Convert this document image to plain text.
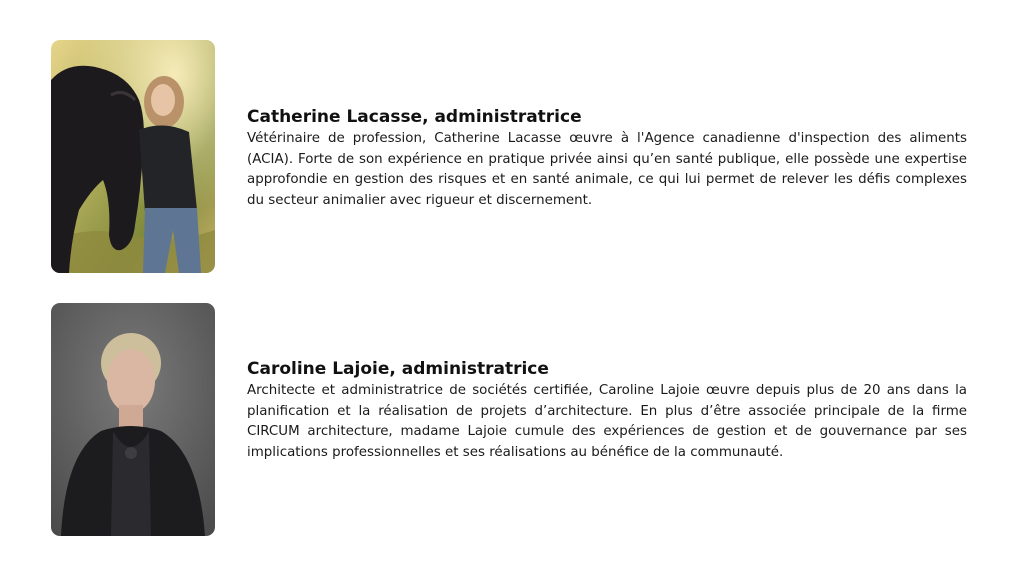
Catherine Lacasse, administratrice

Vétérinaire de profession, Catherine Lacasse œuvre à l'Agence canadienne d'inspection des aliments (ACIA). Forte de son expérience en pratique privée ainsi qu’en santé publique, elle possède une expertise approfondie en gestion des risques et en santé animale, ce qui lui permet de relever les défis complexes du secteur animalier avec rigueur et discernement.

Caroline Lajoie, administratrice

Architecte et administratrice de sociétés certifiée, Caroline Lajoie œuvre depuis plus de 20 ans dans la planification et la réalisation de projets d’architecture. En plus d’être associée principale de la firme CIRCUM architecture, madame Lajoie cumule des expériences de gestion et de gouvernance par ses implications professionnelles et ses réalisations au bénéfice de la communauté.
